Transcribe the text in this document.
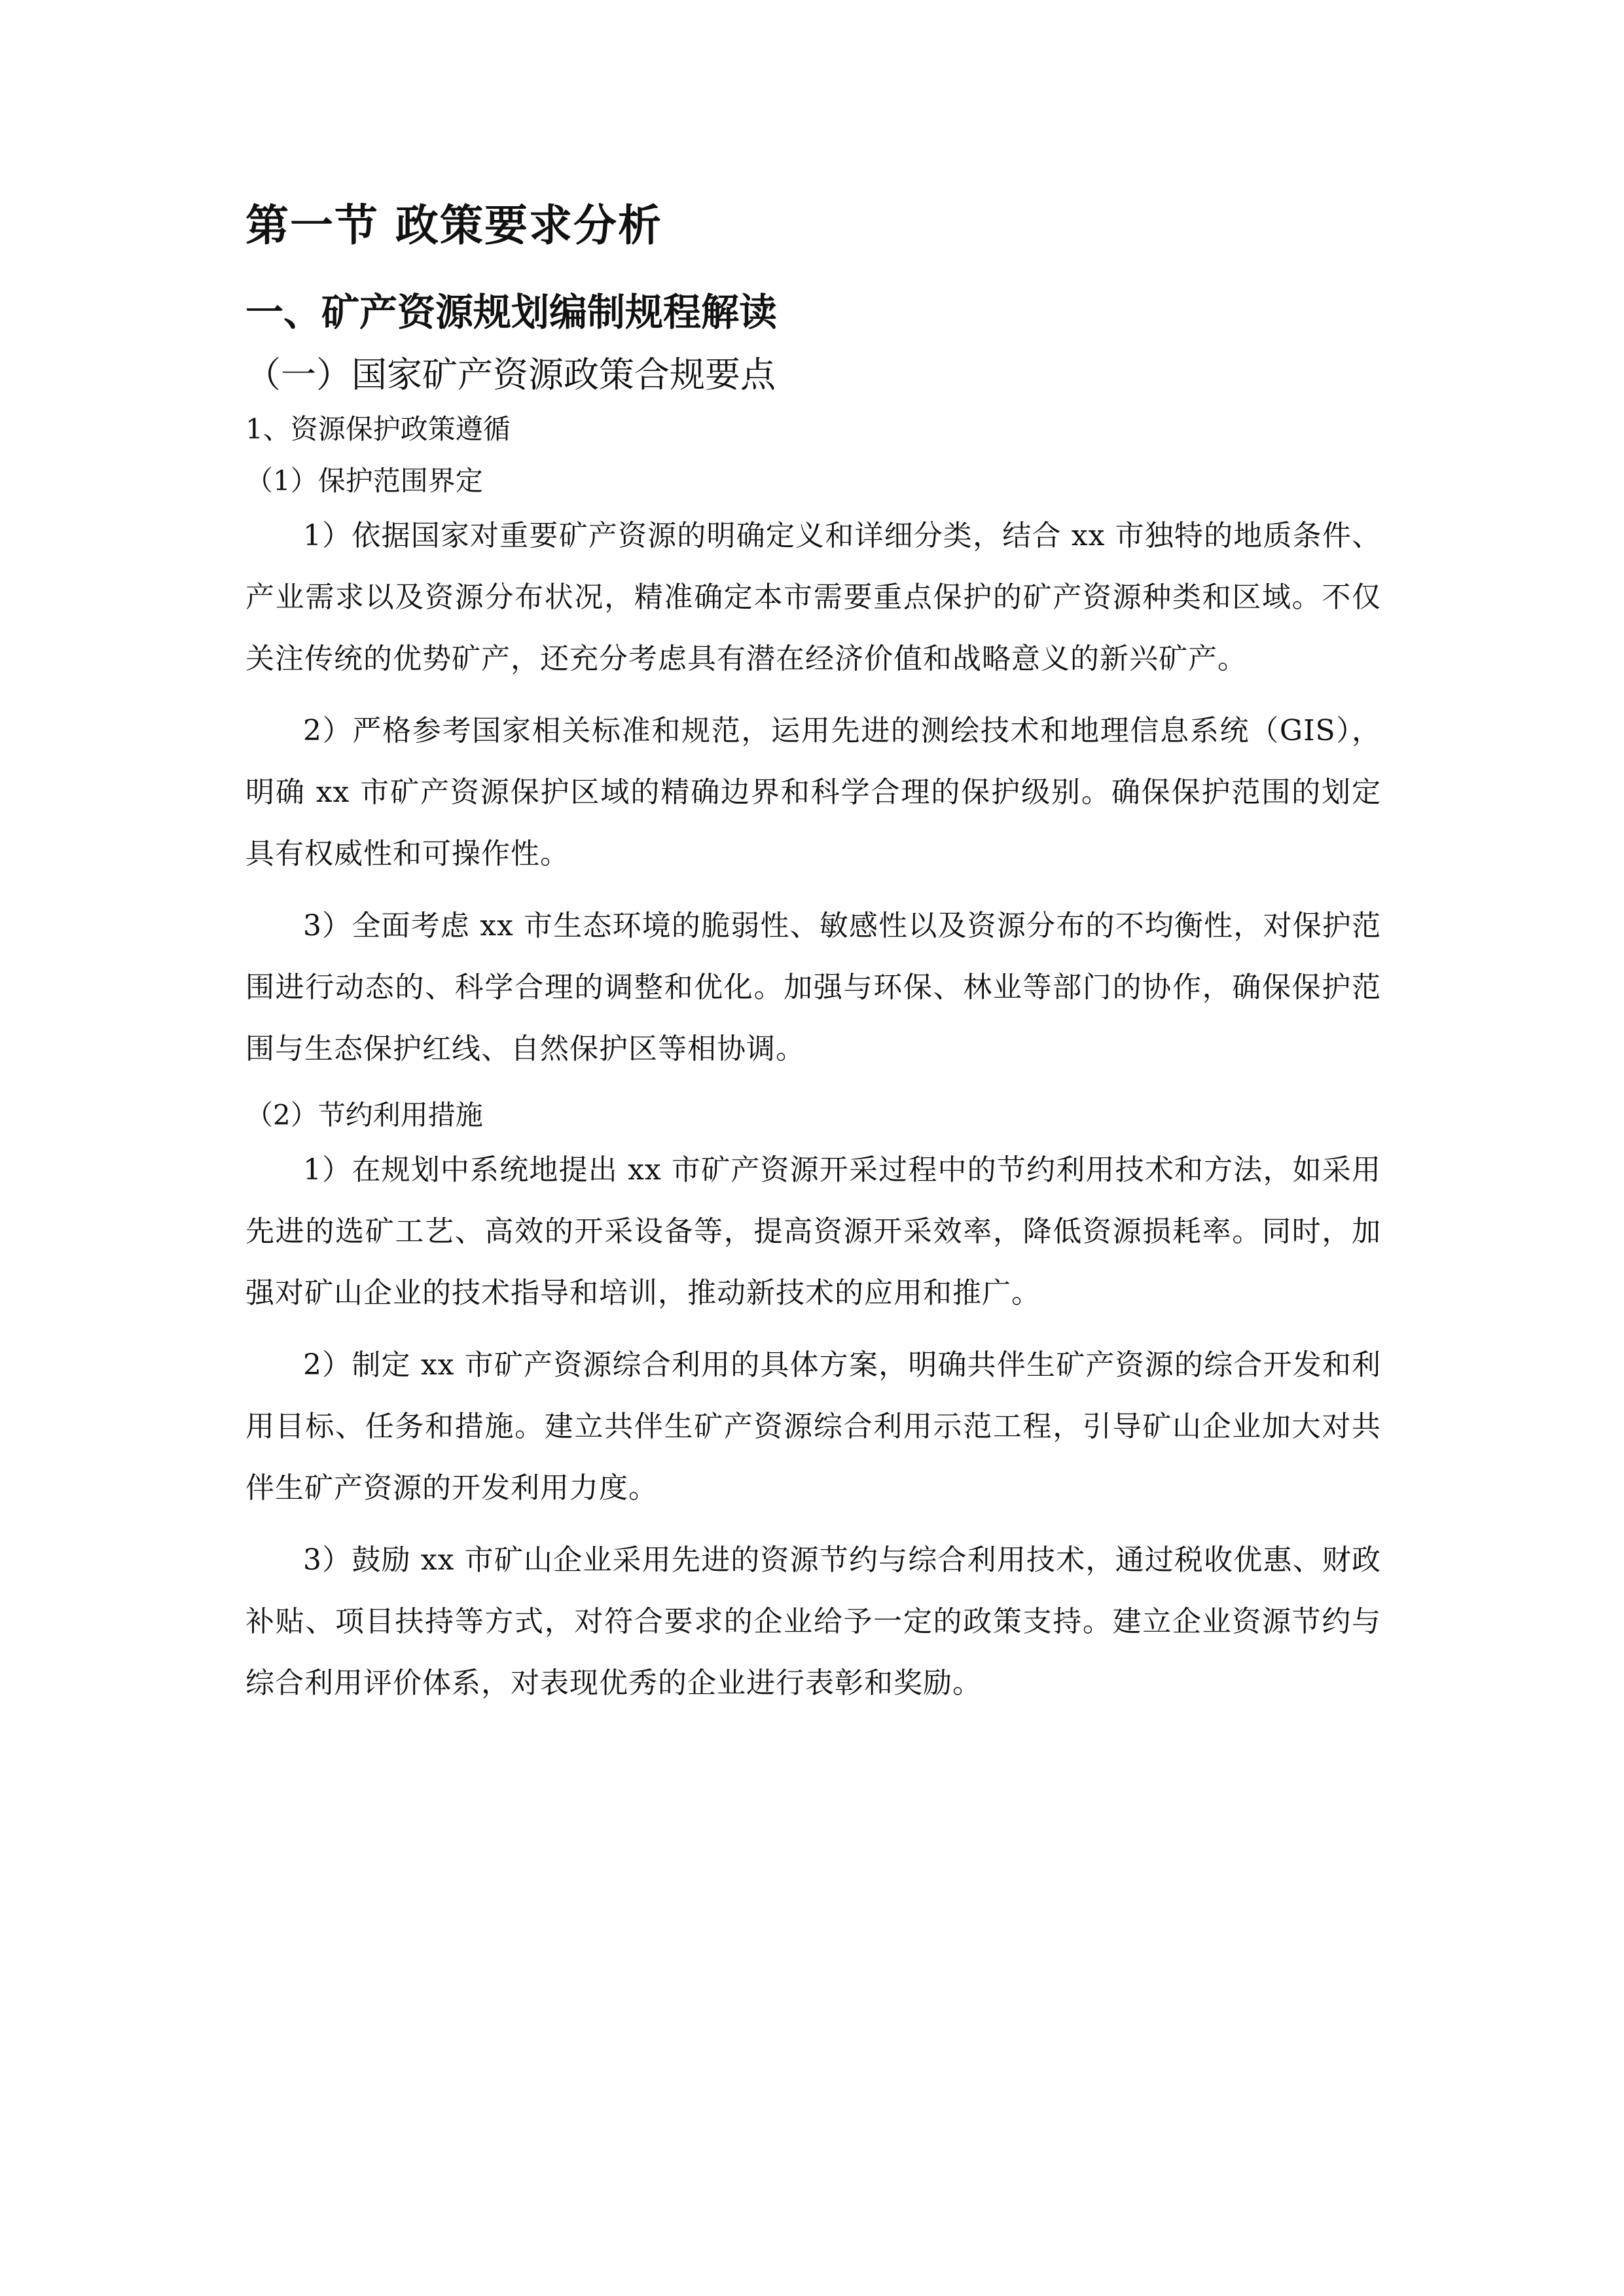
第一节 政策要求分析
一、矿产资源规划编制规程解读
（一）国家矿产资源政策合规要点
1、资源保护政策遵循
（1）保护范围界定

1）依据国家对重要矿产资源的明确定义和详细分类，结合 xx 市独特的地质条件、产业需求以及资源分布状况，精准确定本市需要重点保护的矿产资源种类和区域。不仅关注传统的优势矿产，还充分考虑具有潜在经济价值和战略意义的新兴矿产。

2）严格参考国家相关标准和规范，运用先进的测绘技术和地理信息系统（GIS），明确 xx 市矿产资源保护区域的精确边界和科学合理的保护级别。确保保护范围的划定具有权威性和可操作性。

3）全面考虑 xx 市生态环境的脆弱性、敏感性以及资源分布的不均衡性，对保护范围进行动态的、科学合理的调整和优化。加强与环保、林业等部门的协作，确保保护范围与生态保护红线、自然保护区等相协调。

（2）节约利用措施

1）在规划中系统地提出 xx 市矿产资源开采过程中的节约利用技术和方法，如采用先进的选矿工艺、高效的开采设备等，提高资源开采效率，降低资源损耗率。同时，加强对矿山企业的技术指导和培训，推动新技术的应用和推广。

2）制定 xx 市矿产资源综合利用的具体方案，明确共伴生矿产资源的综合开发和利用目标、任务和措施。建立共伴生矿产资源综合利用示范工程，引导矿山企业加大对共伴生矿产资源的开发利用力度。

3）鼓励 xx 市矿山企业采用先进的资源节约与综合利用技术，通过税收优惠、财政补贴、项目扶持等方式，对符合要求的企业给予一定的政策支持。建立企业资源节约与综合利用评价体系，对表现优秀的企业进行表彰和奖励。
